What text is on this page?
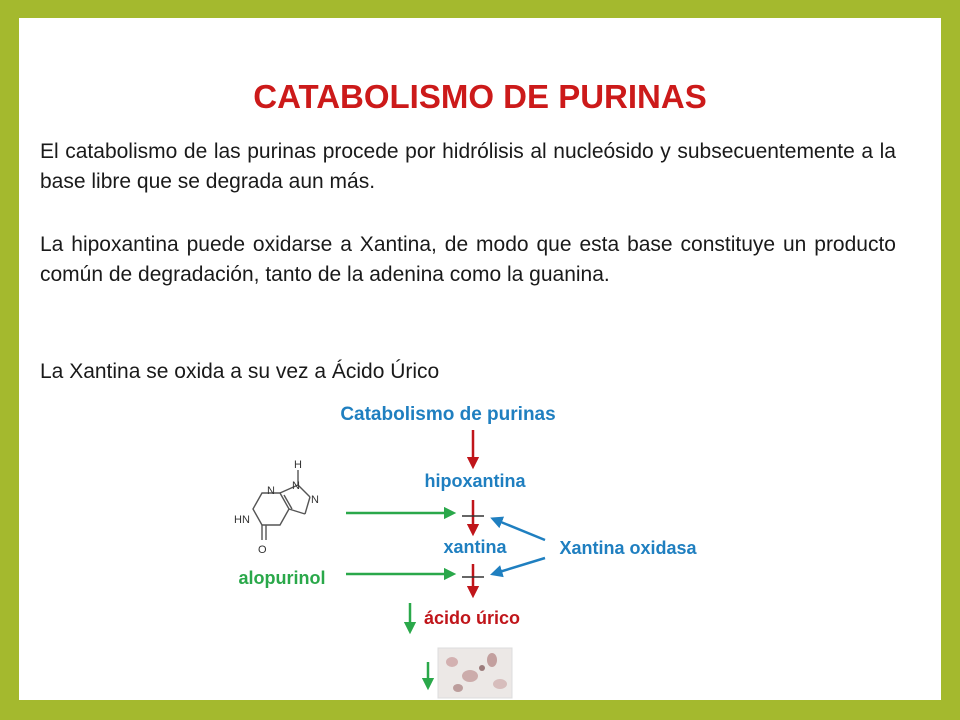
CATABOLISMO DE PURINAS

El catabolismo de las purinas procede por hidrólisis al nucleósido y subsecuentemente a la base libre que se degrada aun más.

La hipoxantina puede oxidarse a Xantina, de modo que esta base constituye un producto común de degradación, tanto de la adenina como la guanina.

La Xantina se oxida a su vez a Ácido Úrico

Catabolismo de purinas
hipoxantina
xantina	Xantina oxidasa
alopurinol
ácido úrico
N
H
N
N
HN
O
